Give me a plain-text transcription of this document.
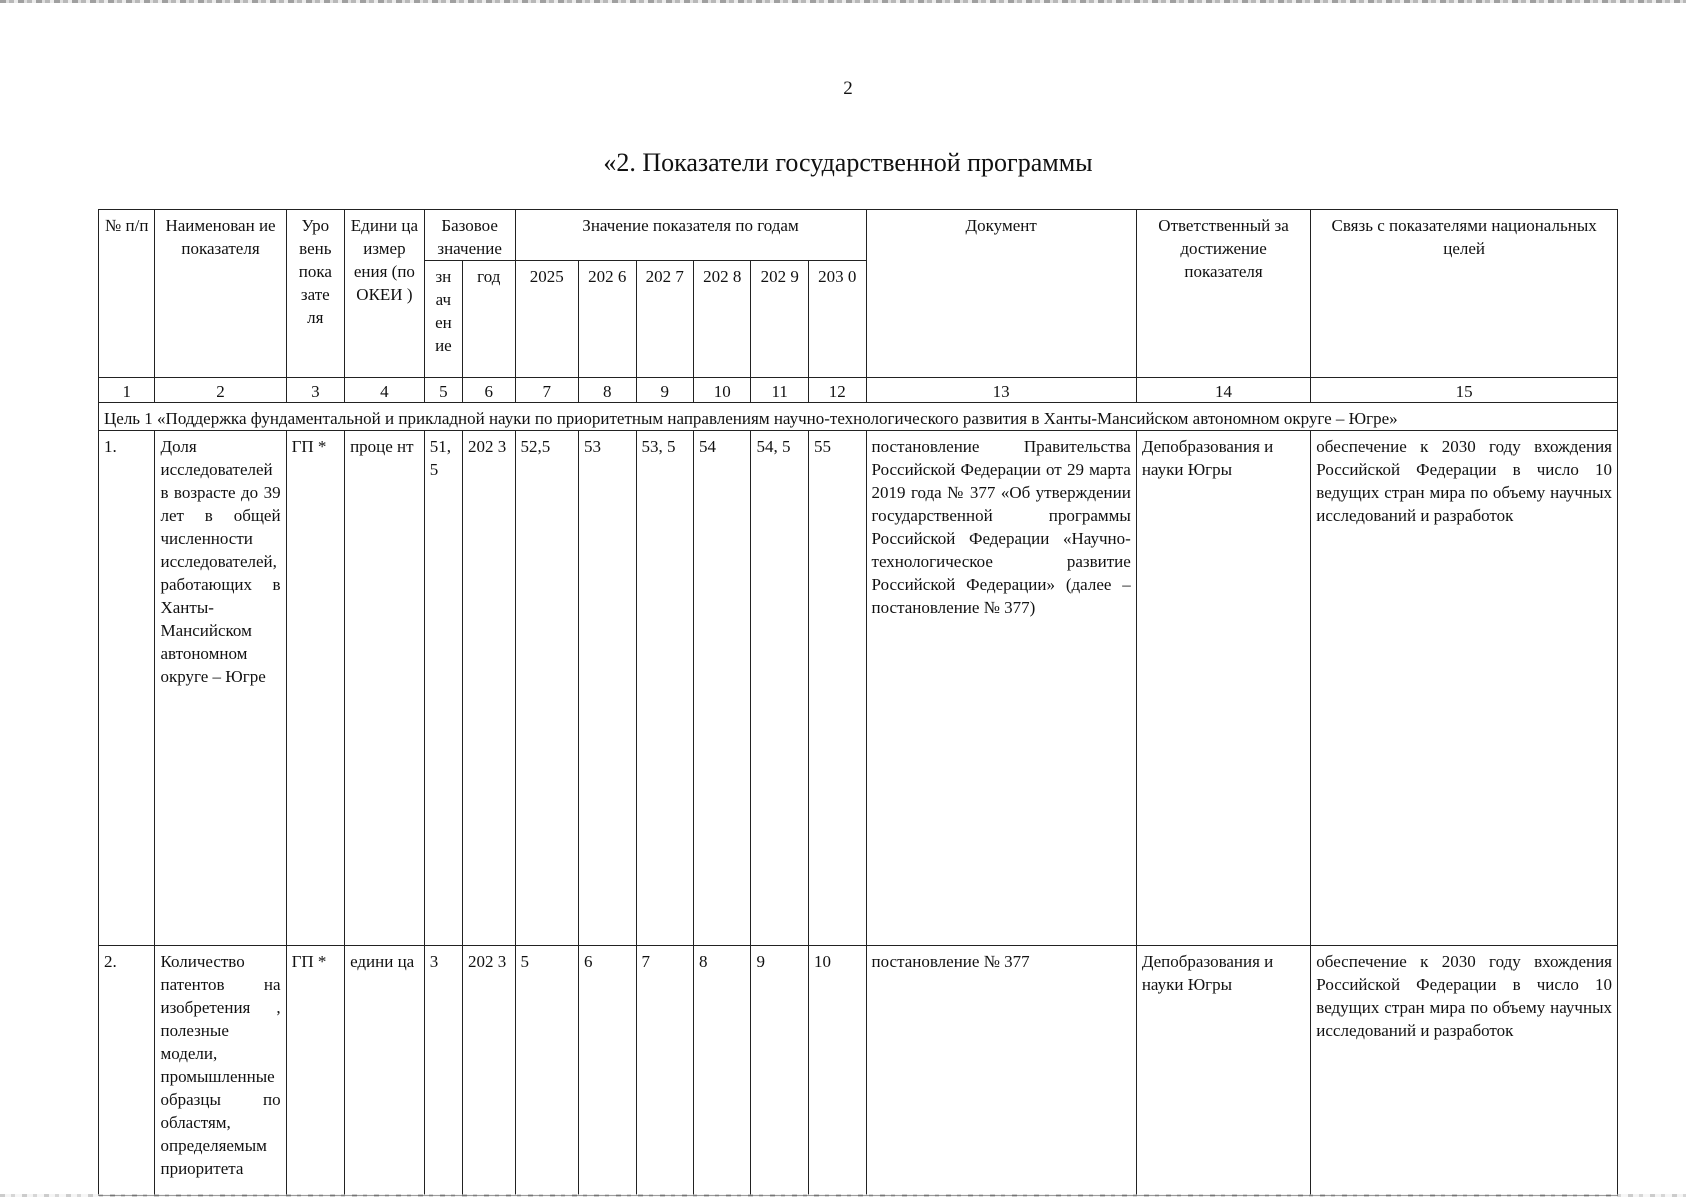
2
«2. Показатели государственной программы
№ п/п	Наименован ие показателя	Уро вень пока зате ля	Едини ца измер ения (по ОКЕИ )	Базовое значение		Значение показателя по годам						Документ	Ответственный за достижение показателя	Связь с показателями национальных целей
				зн ач ен ие	год	2025	202 6	202 7	202 8	202 9	203 0			
1	2	3	4	5	6	7	8	9	10	11	12	13	14	15
Цель 1 «Поддержка фундаментальной и прикладной науки по приоритетным направлениям научно-технологического развития в Ханты-Мансийском автономном округе – Югре»														
1.	Доля исследователей в возрасте до 39 лет в общей численности исследователей, работающих в Ханты-Мансийском автономном округе – Югре	ГП *	проце нт	51, 5	202 3	52,5	53	53, 5	54	54, 5	55	постановление Правительства Российской Федерации от 29 марта 2019 года № 377 «Об утверждении государственной программы Российской Федерации «Научно-технологическое развитие Российской Федерации» (далее – постановление № 377)	Депобразования и науки Югры	обеспечение к 2030 году вхождения Российской Федерации в число 10 ведущих стран мира по объему научных исследований и разработок
2.	Количество патентов на изобретения , полезные модели, промышленные образцы по областям, определяемым приоритета	ГП *	едини ца	3	202 3	5	6	7	8	9	10	постановление № 377	Депобразования и науки Югры	обеспечение к 2030 году вхождения Российской Федерации в число 10 ведущих стран мира по объему научных исследований и разработок
